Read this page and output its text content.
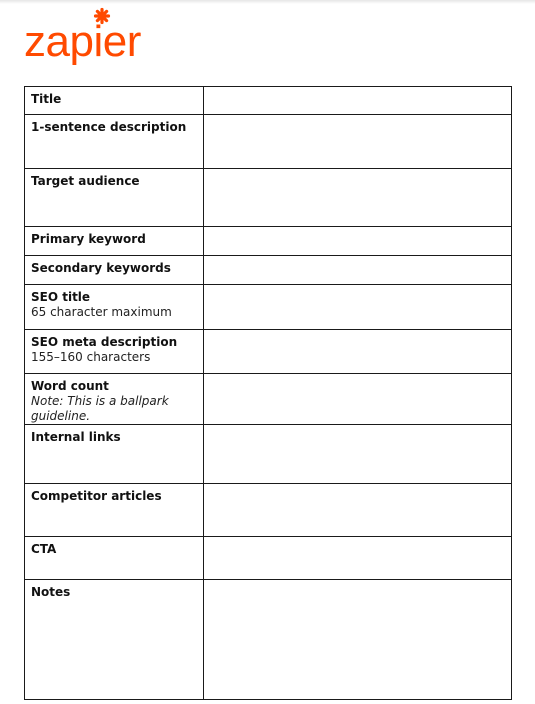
zapier
Title	

1-sentence description	

Target audience	

Primary keyword	

Secondary keywords	

SEO title
65 character maximum	

SEO meta description
155–160 characters	

Word count
Note: This is a ballpark guideline.	

Internal links	

Competitor articles	

CTA	

Notes	
